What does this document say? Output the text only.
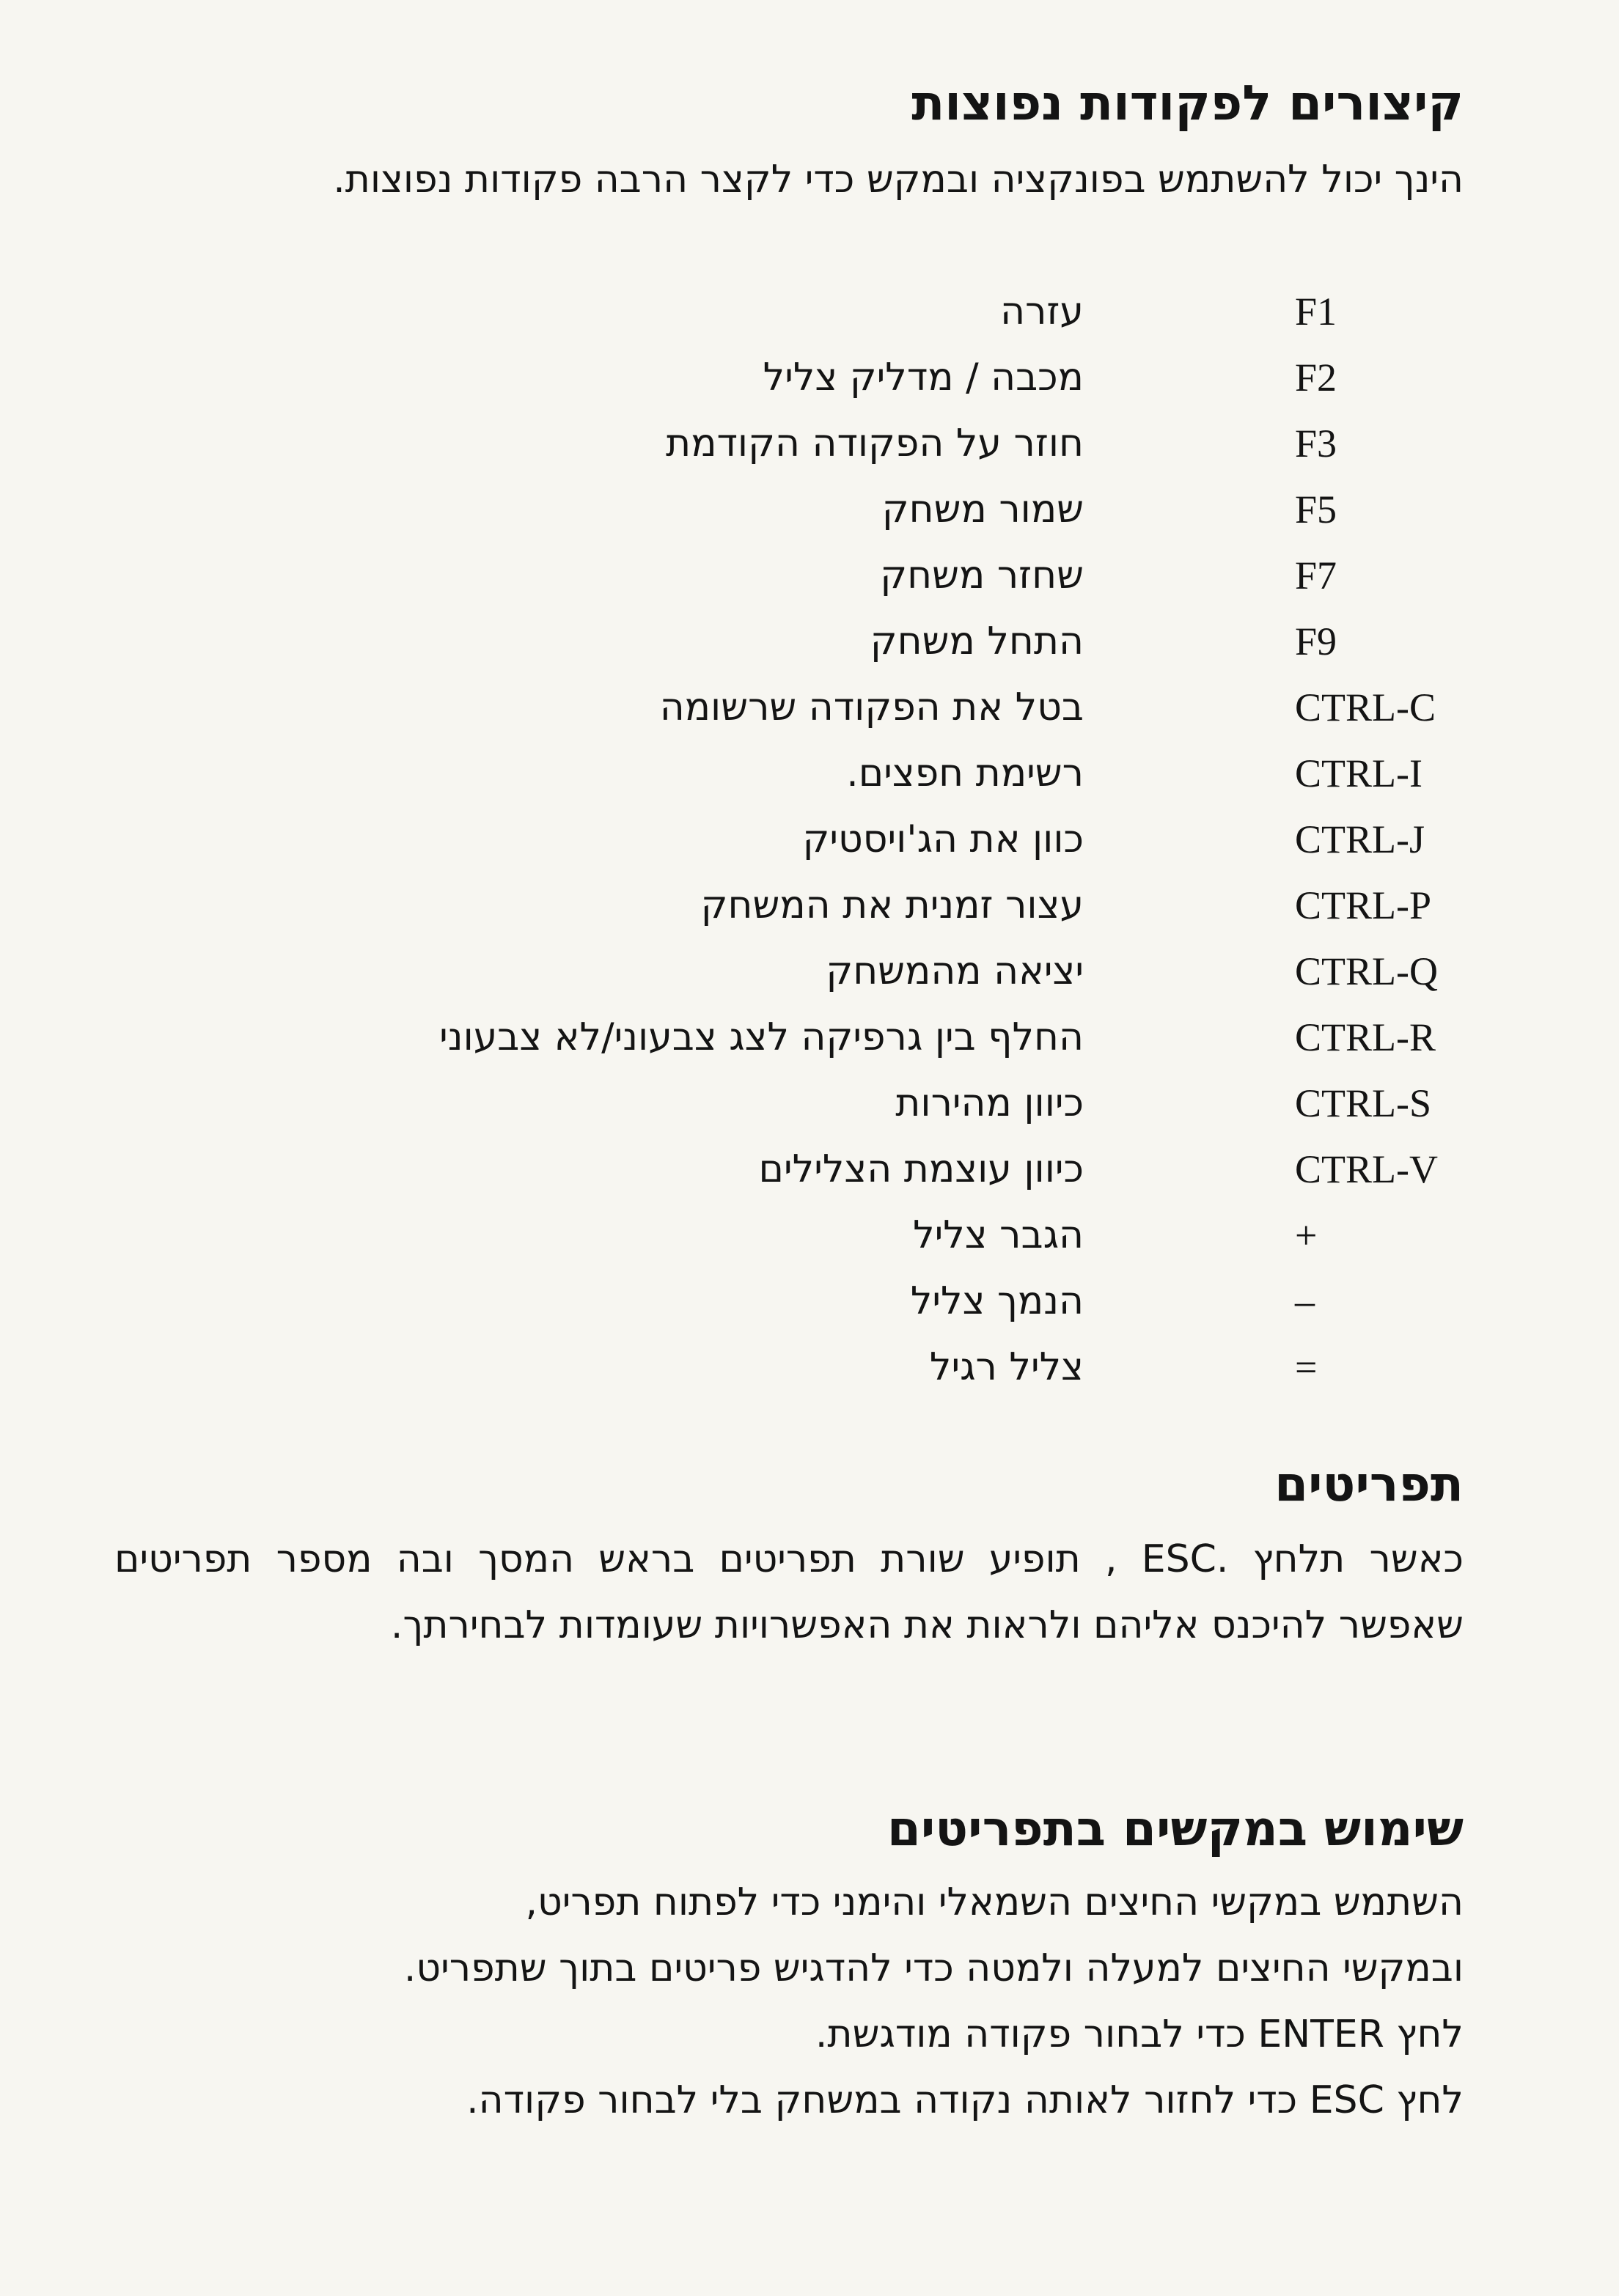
קיצורים לפקודות נפוצות

הינך יכול להשתמש בפונקציה ובמקש כדי לקצר הרבה פקודות נפוצות.

F1
עזרה
F2
מכבה / מדליק צליל
F3
חוזר על הפקודה הקודמת
F5
שמור משחק
F7
שחזר משחק
F9
התחל משחק
CTRL-C
בטל את הפקודה שרשומה
CTRL-I
רשימת חפצים.
CTRL-J
כוון את הג'ויסטיק
CTRL-P
עצור זמנית את המשחק
CTRL-Q
יציאה מהמשחק
CTRL-R
החלף בין גרפיקה לצג צבעוני/לא צבעוני
CTRL-S
כיוון מהירות
CTRL-V
כיוון עוצמת הצלילים
+
הגבר צליל
–
הנמך צליל
=
צליל רגיל
תפריטים

כאשר תלחץ .ESC , תופיע שורת תפריטים בראש המסך ובה מספר תפריטים שאפשר להיכנס אליהם ולראות את האפשרויות שעומדות לבחירתך.

שימוש במקשים בתפריטים
השתמש במקשי החיצים השמאלי והימני כדי לפתוח תפריט,
ובמקשי החיצים למעלה ולמטה כדי להדגיש פריטים בתוך שתפריט.
לחץ ENTER כדי לבחור פקודה מודגשת.
לחץ ESC כדי לחזור לאותה נקודה במשחק בלי לבחור פקודה.
